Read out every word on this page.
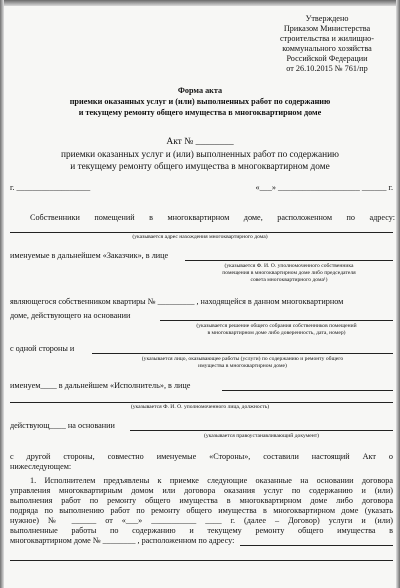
Утверждено
Приказом Министерства
строительства и жилищно-
коммунального хозяйства
Российской Федерации
от 26.10.2015 № 761/пр
Форма акта
приемки оказанных услуг и (или) выполненных работ по содержанию
и текущему ремонту общего имущества в многоквартирном доме
Акт № ________
приемки оказанных услуг и (или) выполненных работ по содержанию
и текущему ремонту общего имущества в многоквартирном доме
г. __________________	«___» ____________________ ______ г.
Собственники помещений в многоквартирном доме, расположенном по адресу:
(указывается адрес нахождения многоквартирного дома)
именуемые в дальнейшем «Заказчик», в лице
(указывается Ф. И. О. уполномоченного собственника
помещения в многоквартирном доме либо председателя
совета многоквартирного дома¹)
являющегося собственником квартиры № _________ , находящейся в данном многоквартирном
доме, действующего на основании
(указывается решение общего собрания собственников помещений
в многоквартирном доме либо доверенность, дата, номер)
с одной стороны и
(указывается лицо, оказывающее работы (услуги) по содержанию и ремонту общего
имущества в многоквартирном доме)
именуем____ в дальнейшем «Исполнитель», в лице
(указывается Ф. И. О. уполномоченного лица, должность)
действующ____ на основании
(указывается правоустанавливающий документ)
с другой стороны, совместно именуемые «Стороны», составили настоящий Акт о
нижеследующем:
1. Исполнителем предъявлены к приемке следующие оказанные на основании договора
управления многоквартирным домом или договора оказания услуг по содержанию и (или)
выполнения работ по ремонту общего имущества в многоквартирном доме либо договора
подряда по выполнению работ по ремонту общего имущества в многоквартирном доме (указать
нужное) № ______ от «___» ___________ ____ г. (далее – Договор) услуги и (или)
выполненные работы по содержанию и текущему ремонту общего имущества в
многоквартирном доме № ________ , расположенном по адресу:
